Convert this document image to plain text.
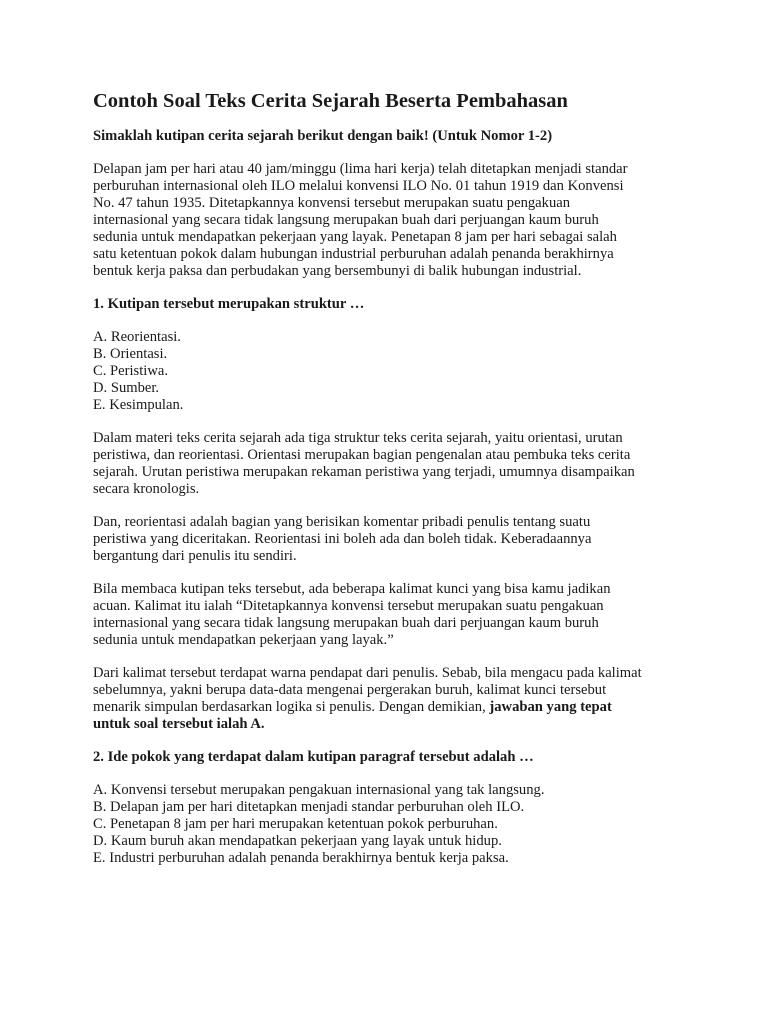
Contoh Soal Teks Cerita Sejarah Beserta Pembahasan

Simaklah kutipan cerita sejarah berikut dengan baik! (Untuk Nomor 1-2)

Delapan jam per hari atau 40 jam/minggu (lima hari kerja) telah ditetapkan menjadi standar
perburuhan internasional oleh ILO melalui konvensi ILO No. 01 tahun 1919 dan Konvensi
No. 47 tahun 1935. Ditetapkannya konvensi tersebut merupakan suatu pengakuan
internasional yang secara tidak langsung merupakan buah dari perjuangan kaum buruh
sedunia untuk mendapatkan pekerjaan yang layak. Penetapan 8 jam per hari sebagai salah
satu ketentuan pokok dalam hubungan industrial perburuhan adalah penanda berakhirnya
bentuk kerja paksa dan perbudakan yang bersembunyi di balik hubungan industrial.

1. Kutipan tersebut merupakan struktur …

A. Reorientasi.
B. Orientasi.
C. Peristiwa.
D. Sumber.
E. Kesimpulan.

Dalam materi teks cerita sejarah ada tiga struktur teks cerita sejarah, yaitu orientasi, urutan
peristiwa, dan reorientasi. Orientasi merupakan bagian pengenalan atau pembuka teks cerita
sejarah. Urutan peristiwa merupakan rekaman peristiwa yang terjadi, umumnya disampaikan
secara kronologis.

Dan, reorientasi adalah bagian yang berisikan komentar pribadi penulis tentang suatu
peristiwa yang diceritakan. Reorientasi ini boleh ada dan boleh tidak. Keberadaannya
bergantung dari penulis itu sendiri.

Bila membaca kutipan teks tersebut, ada beberapa kalimat kunci yang bisa kamu jadikan
acuan. Kalimat itu ialah “Ditetapkannya konvensi tersebut merupakan suatu pengakuan
internasional yang secara tidak langsung merupakan buah dari perjuangan kaum buruh
sedunia untuk mendapatkan pekerjaan yang layak.”

Dari kalimat tersebut terdapat warna pendapat dari penulis. Sebab, bila mengacu pada kalimat
sebelumnya, yakni berupa data-data mengenai pergerakan buruh, kalimat kunci tersebut
menarik simpulan berdasarkan logika si penulis. Dengan demikian, jawaban yang tepat
untuk soal tersebut ialah A.

2. Ide pokok yang terdapat dalam kutipan paragraf tersebut adalah …

A. Konvensi tersebut merupakan pengakuan internasional yang tak langsung.
B. Delapan jam per hari ditetapkan menjadi standar perburuhan oleh ILO.
C. Penetapan 8 jam per hari merupakan ketentuan pokok perburuhan.
D. Kaum buruh akan mendapatkan pekerjaan yang layak untuk hidup.
E. Industri perburuhan adalah penanda berakhirnya bentuk kerja paksa.
